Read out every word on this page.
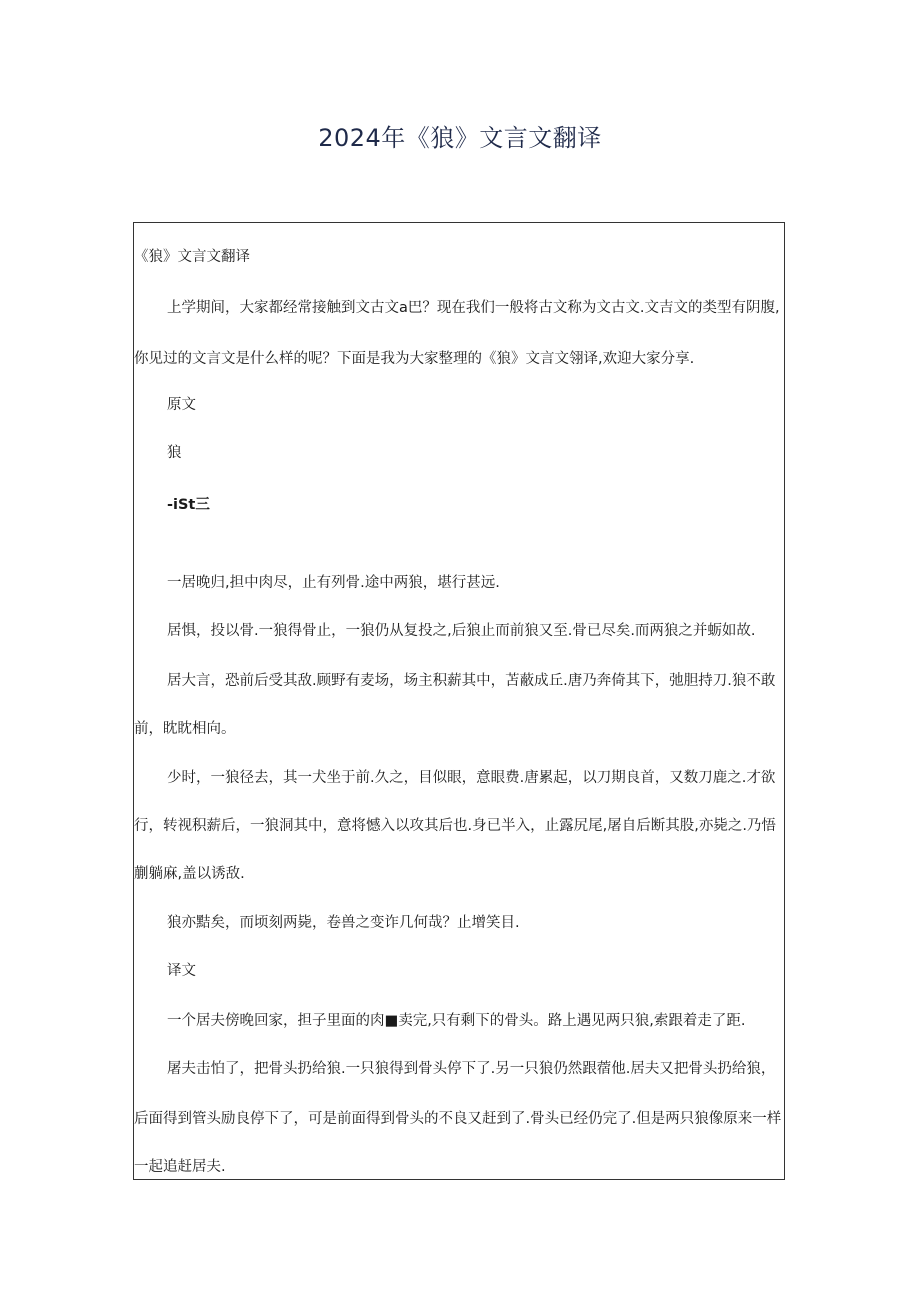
2024年《狼》文言文翻译
《狼》文言文翻译
上学期间，大家都经常接触到文古文a巴？现在我们一般将古文称为文古文.文吉文的类型有阴腹,
你见过的文言文是什么样的呢？下面是我为大家整理的《狼》文言文翎译,欢迎大家分享.
原文
狼
-iSt三
一居晚归,担中肉尽，止有列骨.途中两狼，堪行甚远.
居惧，投以骨.一狼得骨止，一狼仍从复投之,后狼止而前狼又至.骨已尽矣.而两狼之并蛎如故.
居大言，恐前后受其敌.顾野有麦场，场主积薪其中，苫蔽成丘.唐乃奔倚其下，弛胆持刀.狼不敢
前，眈眈相向。
少时，一狼径去，其一犬坐于前.久之，目似眼，意眼费.唐累起，以刀期良首，又数刀鹿之.才欲
行，转视积薪后，一狼洞其中，意将憾入以攻其后也.身已半入，止露尻尾,屠自后断其股,亦毙之.乃悟
蒯躺麻,盖以诱敌.
狼亦黠矣，而顷刻两毙，卷兽之变诈几何哉？止增笑目.
译文
一个居夫傍晚回家，担子里面的肉■卖完,只有剩下的骨头。路上遇见两只狼,索跟着走了距.
屠夫击怕了，把骨头扔给狼.一只狼得到骨头停下了.另一只狼仍然跟蓿他.居夫又把骨头扔给狼，
后面得到管头励良停下了，可是前面得到骨头的不良又赶到了.骨头已经仍完了.但是两只狼像原来一样
一起追赶居夫.
